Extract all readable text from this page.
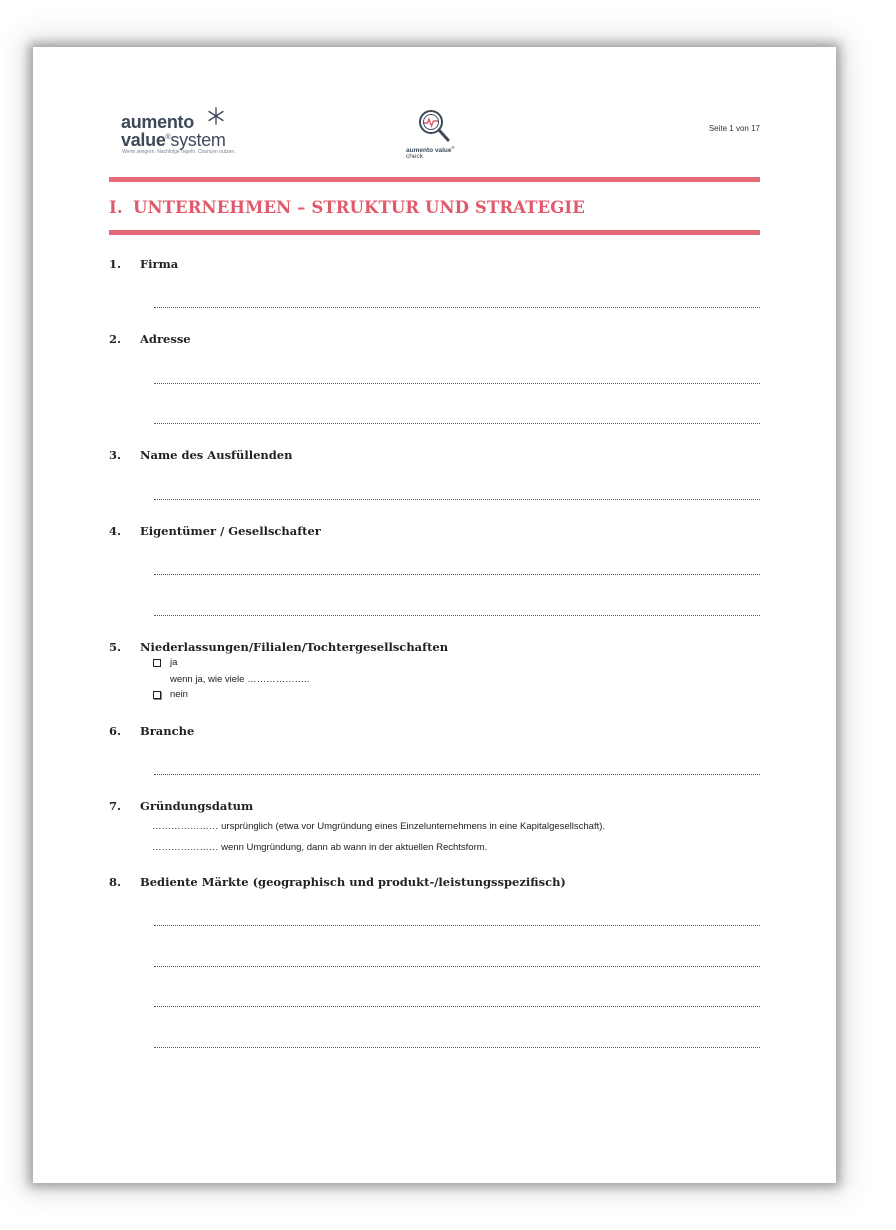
aumento
value®system
Werte steigern. Nachfolge regeln. Chancen nutzen.	aumento value®
check
Seite 1 von 17
I. UNTERNEHMEN – STRUKTUR UND STRATEGIE
1. Firma
2. Adresse
3. Name des Ausfüllenden
4. Eigentümer / Gesellschafter
5. Niederlassungen/Filialen/Tochtergesellschaften
ja
wenn ja, wie viele ………………..
nein
6. Branche
7. Gründungsdatum
………………… ursprünglich (etwa vor Umgründung eines Einzelunternehmens in eine Kapitalgesellschaft).
………………… wenn Umgründung, dann ab wann in der aktuellen Rechtsform.
8. Bediente Märkte (geographisch und produkt-/leistungsspezifisch)
